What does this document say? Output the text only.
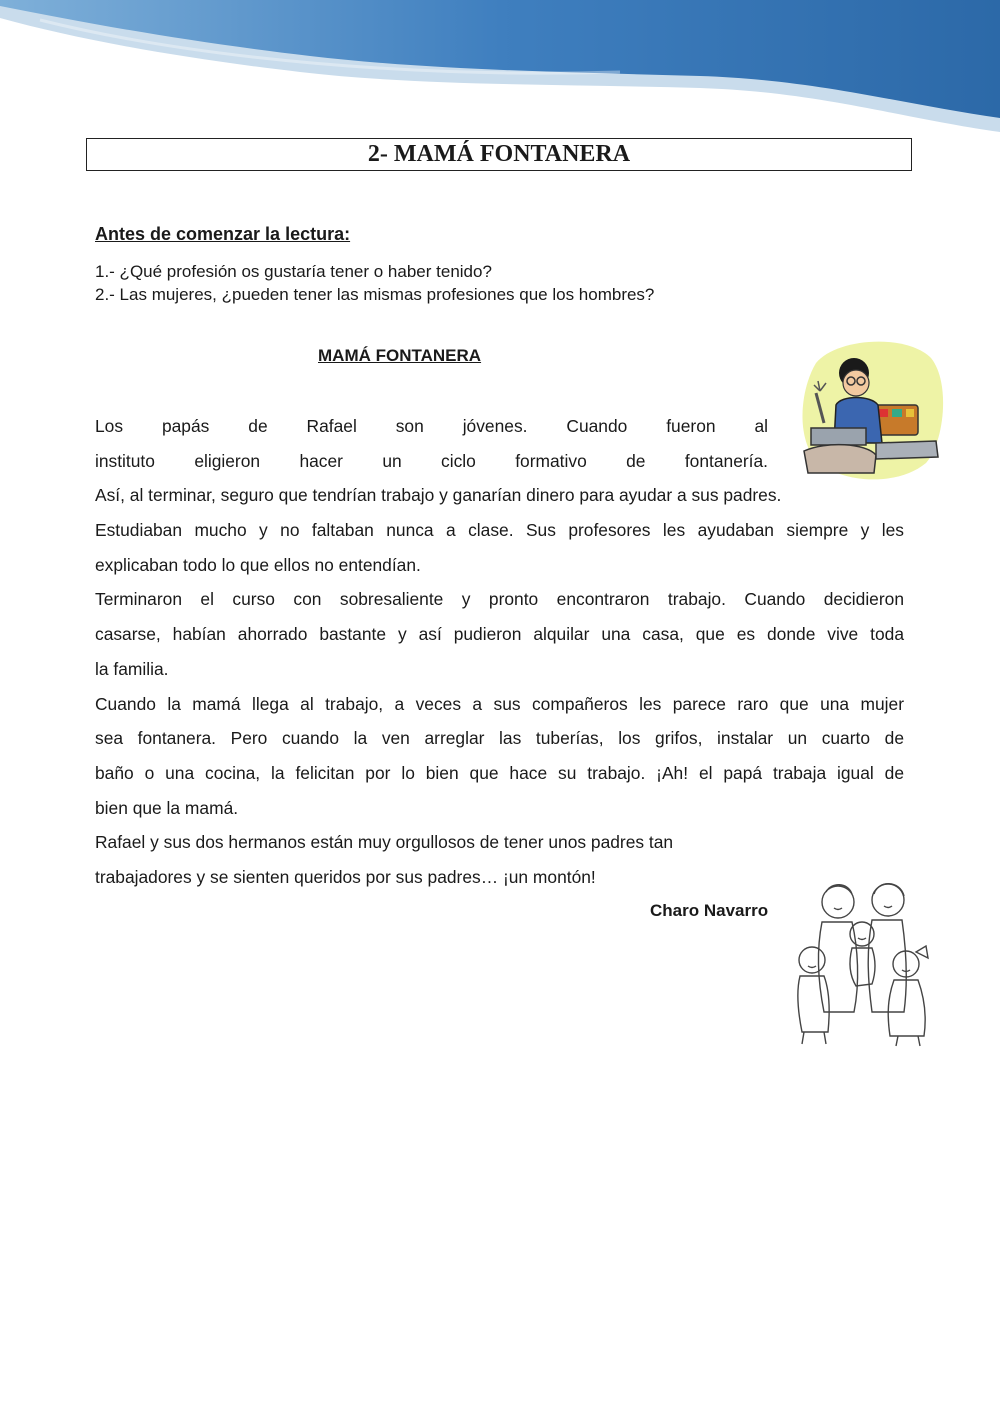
2- MAMÁ FONTANERA
Antes de comenzar la lectura:
1.- ¿Qué profesión os gustaría tener o haber tenido?
2.- Las mujeres, ¿pueden tener las mismas profesiones que los hombres?
MAMÁ FONTANERA
Los papás de Rafael son jóvenes. Cuando fueron al
instituto eligieron hacer un ciclo formativo de fontanería.
Así, al terminar, seguro que tendrían trabajo y ganarían dinero para ayudar a sus padres.
Estudiaban mucho y no faltaban nunca a clase. Sus profesores les ayudaban siempre y les
explicaban todo lo que ellos no entendían.
Terminaron el curso con sobresaliente y pronto encontraron trabajo. Cuando decidieron
casarse, habían ahorrado bastante y así pudieron alquilar una casa, que es donde vive toda
la familia.
Cuando la mamá llega al trabajo, a veces a sus compañeros les parece raro que una mujer
sea fontanera. Pero cuando la ven arreglar las tuberías, los grifos, instalar un cuarto de
baño o una cocina, la felicitan por lo bien que hace su trabajo. ¡Ah! el papá trabaja igual de
bien que la mamá.
Rafael y sus dos hermanos están muy orgullosos de tener unos padres tan
trabajadores y se sienten queridos por sus padres… ¡un montón!
Charo Navarro
